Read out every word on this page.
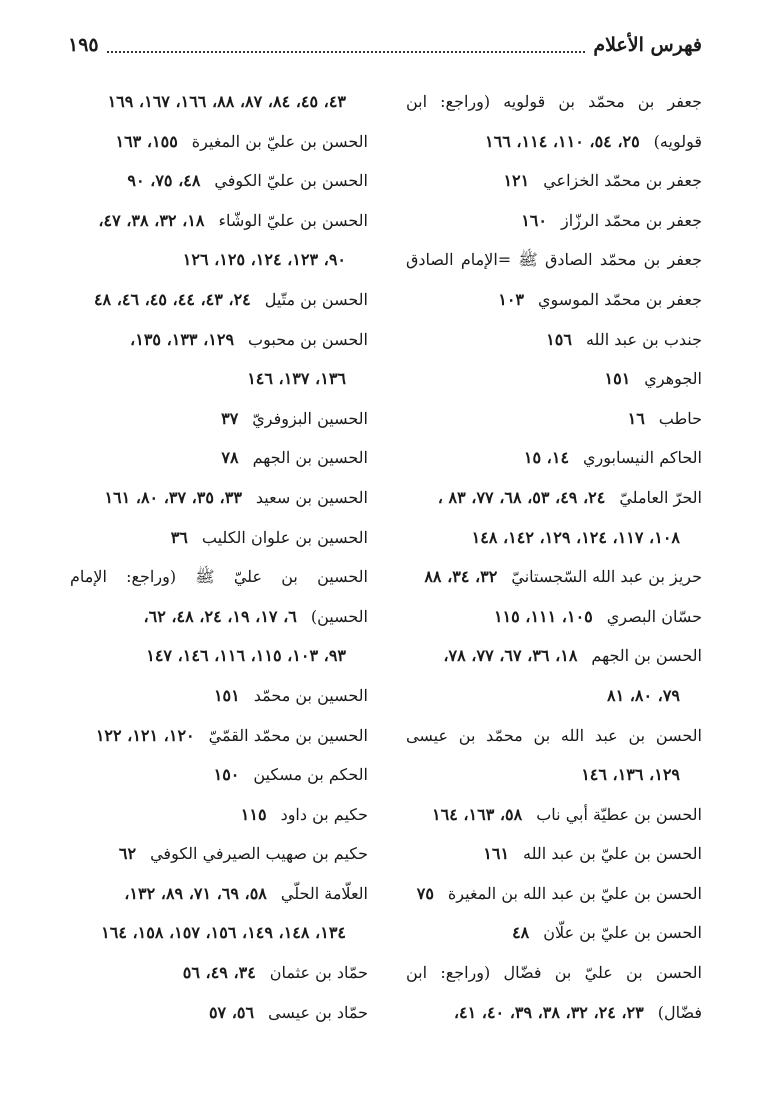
فهرس الأعلام
١٩٥
جعفر بن محمّد بن قولويه (وراجع: ابن
قولويه)٢٥، ٥٤، ١١٠، ١١٤، ١٦٦
جعفر بن محمّد الخزاعي١٢١
جعفر بن محمّد الرزّاز١٦٠
جعفر بن محمّد الصادق ﷺ =الإمام الصادق
جعفر بن محمّد الموسوي١٠٣
جندب بن عبد الله١٥٦
الجوهري١٥١
حاطب١٦
الحاكم النيسابوري١٤، ١٥
الحرّ العامليّ٢٤، ٤٩، ٥٣، ٦٨، ٧٧، ٨٣ ،
١٠٨، ١١٧، ١٢٤، ١٢٩، ١٤٢، ١٤٨
حريز بن عبد الله السّجستانيّ٣٢، ٣٤، ٨٨
حسّان البصري١٠٥، ١١١، ١١٥
الحسن بن الجهم١٨، ٣٦، ٦٧، ٧٧، ٧٨،
٧٩، ٨٠، ٨١
الحسن بن عبد الله بن محمّد بن عيسى
١٢٩، ١٣٦، ١٤٦
الحسن بن عطيّة أبي ناب٥٨، ١٦٣، ١٦٤
الحسن بن عليّ بن عبد الله١٦١
الحسن بن عليّ بن عبد الله بن المغيرة٧٥
الحسن بن عليّ بن علّان٤٨
الحسن بن عليّ بن فضّال (وراجع: ابن
فضّال)٢٣، ٢٤، ٣٢، ٣٨، ٣٩، ٤٠، ٤١،
٤٣، ٤٥، ٨٤، ٨٧، ٨٨، ١٦٦، ١٦٧، ١٦٩
الحسن بن عليّ بن المغيرة١٥٥، ١٦٣
الحسن بن عليّ الكوفي٤٨، ٧٥، ٩٠
الحسن بن عليّ الوشّاء١٨، ٣٢، ٣٨، ٤٧،
٩٠، ١٢٣، ١٢٤، ١٢٥، ١٢٦
الحسن بن متّيل٢٤، ٤٣، ٤٤، ٤٥، ٤٦، ٤٨
الحسن بن محبوب١٢٩، ١٣٣، ١٣٥،
١٣٦، ١٣٧، ١٤٦
الحسين البزوفريّ٣٧
الحسين بن الجهم٧٨
الحسين بن سعيد٣٣، ٣٥، ٣٧، ٨٠، ١٦١
الحسين بن علوان الكليب٣٦
الحسين بن عليّ ﷺ (وراجع: الإمام
الحسين)٦، ١٧، ١٩، ٢٤، ٤٨، ٦٢،
٩٣، ١٠٣، ١١٥، ١١٦، ١٤٦، ١٤٧
الحسين بن محمّد١٥١
الحسين بن محمّد القمّيّ١٢٠، ١٢١، ١٢٢
الحكم بن مسكين١٥٠
حكيم بن داود١١٥
حكيم بن صهيب الصيرفي الكوفي٦٢
العلّامة الحلّي٥٨، ٦٩، ٧١، ٨٩، ١٣٢،
١٣٤، ١٤٨، ١٤٩، ١٥٦، ١٥٧، ١٥٨، ١٦٤
حمّاد بن عثمان٣٤، ٤٩، ٥٦
حمّاد بن عيسى٥٦، ٥٧
